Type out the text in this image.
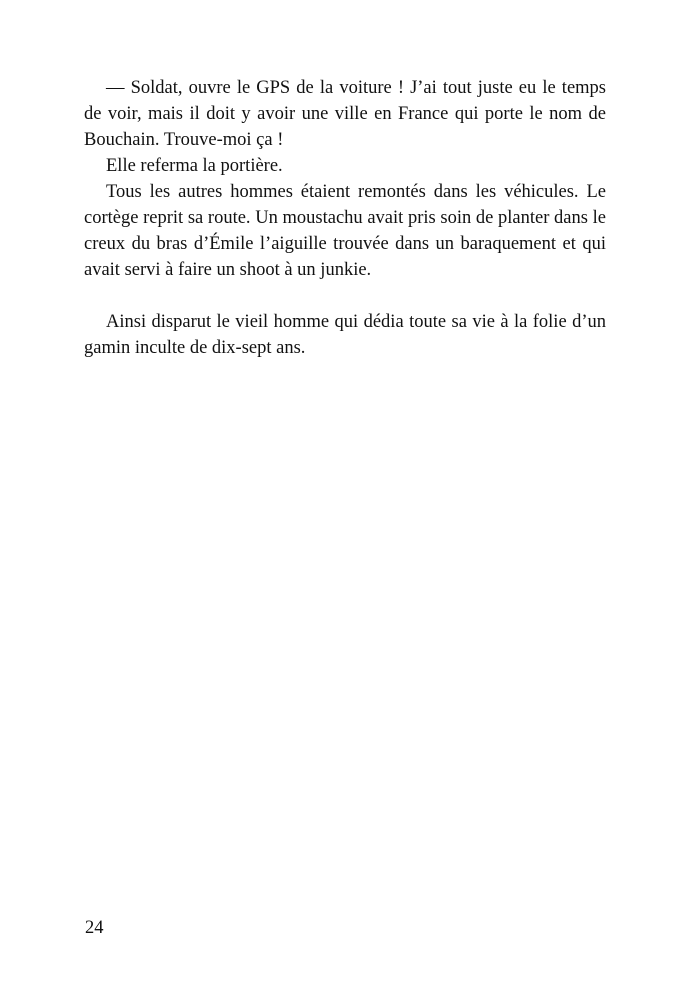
— Soldat, ouvre le GPS de la voiture ! J’ai tout juste eu le temps de voir, mais il doit y avoir une ville en France qui porte le nom de Bouchain. Trouve-moi ça !

Elle referma la portière.

Tous les autres hommes étaient remontés dans les véhicules. Le cortège reprit sa route. Un moustachu avait pris soin de planter dans le creux du bras d’Émile l’aiguille trouvée dans un baraquement et qui avait servi à faire un shoot à un junkie.

Ainsi disparut le vieil homme qui dédia toute sa vie à la folie d’un gamin inculte de dix-sept ans.

24
